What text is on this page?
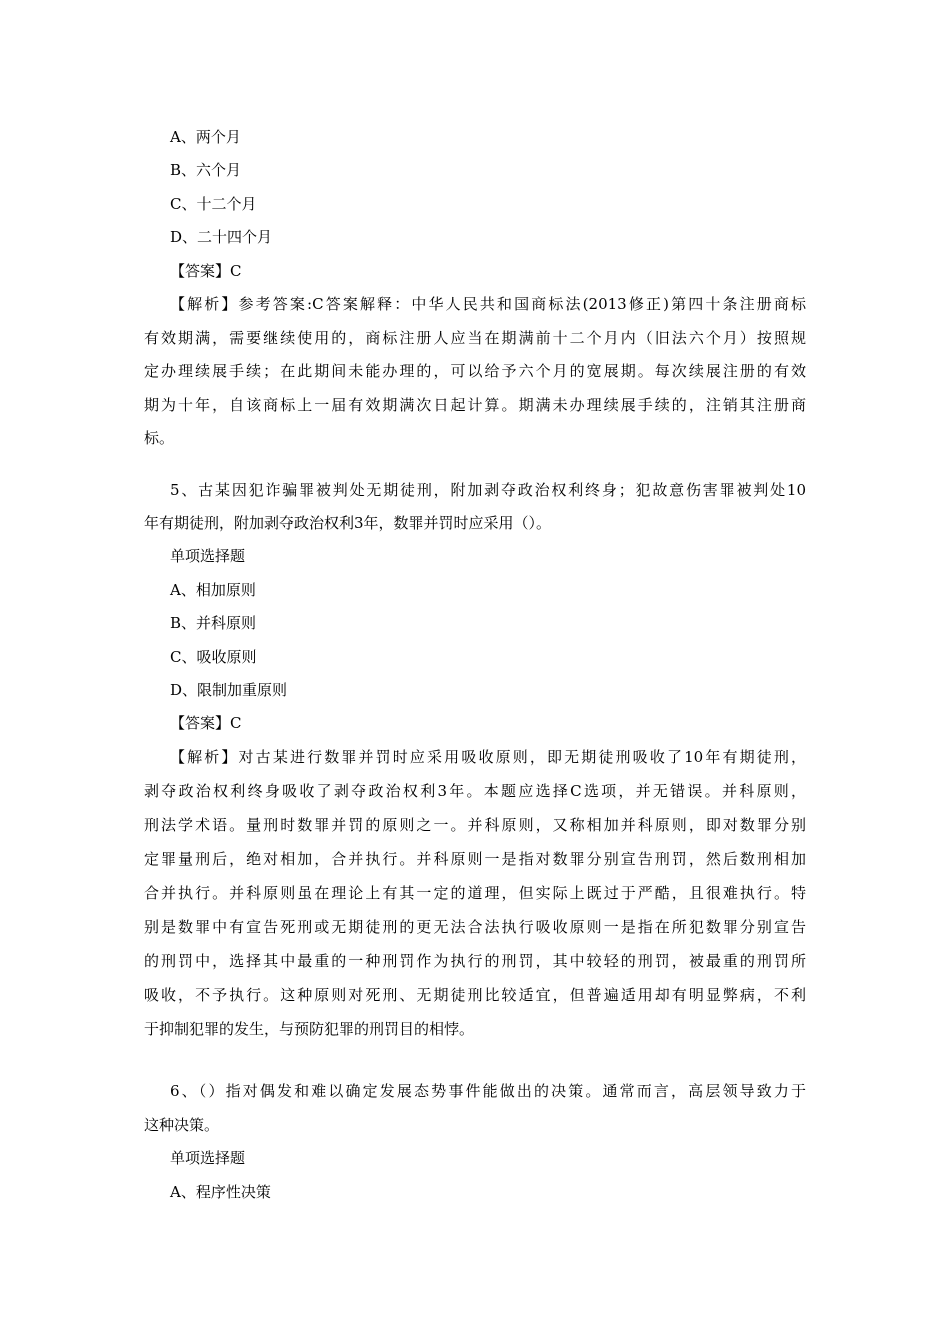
A、两个月
B、六个月
C、十二个月
D、二十四个月
【答案】C
【解析】参考答案:C答案解释：中华人民共和国商标法(2013修正)第四十条注册商标
有效期满，需要继续使用的，商标注册人应当在期满前十二个月内（旧法六个月）按照规
定办理续展手续；在此期间未能办理的，可以给予六个月的宽展期。每次续展注册的有效
期为十年，自该商标上一届有效期满次日起计算。期满未办理续展手续的，注销其注册商
标。
5、古某因犯诈骗罪被判处无期徒刑，附加剥夺政治权利终身；犯故意伤害罪被判处10
年有期徒刑，附加剥夺政治权利3年，数罪并罚时应采用（）。
单项选择题
A、相加原则
B、并科原则
C、吸收原则
D、限制加重原则
【答案】C
【解析】对古某进行数罪并罚时应采用吸收原则，即无期徒刑吸收了10年有期徒刑，
剥夺政治权利终身吸收了剥夺政治权利3年。本题应选择C选项，并无错误。并科原则，
刑法学术语。量刑时数罪并罚的原则之一。并科原则，又称相加并科原则，即对数罪分别
定罪量刑后，绝对相加，合并执行。并科原则一是指对数罪分别宣告刑罚，然后数刑相加
合并执行。并科原则虽在理论上有其一定的道理，但实际上既过于严酷，且很难执行。特
别是数罪中有宣告死刑或无期徒刑的更无法合法执行吸收原则一是指在所犯数罪分别宣告
的刑罚中，选择其中最重的一种刑罚作为执行的刑罚，其中较轻的刑罚，被最重的刑罚所
吸收，不予执行。这种原则对死刑、无期徒刑比较适宜，但普遍适用却有明显弊病，不利
于抑制犯罪的发生，与预防犯罪的刑罚目的相悖。
6、（）指对偶发和难以确定发展态势事件能做出的决策。通常而言，高层领导致力于
这种决策。
单项选择题
A、程序性决策
